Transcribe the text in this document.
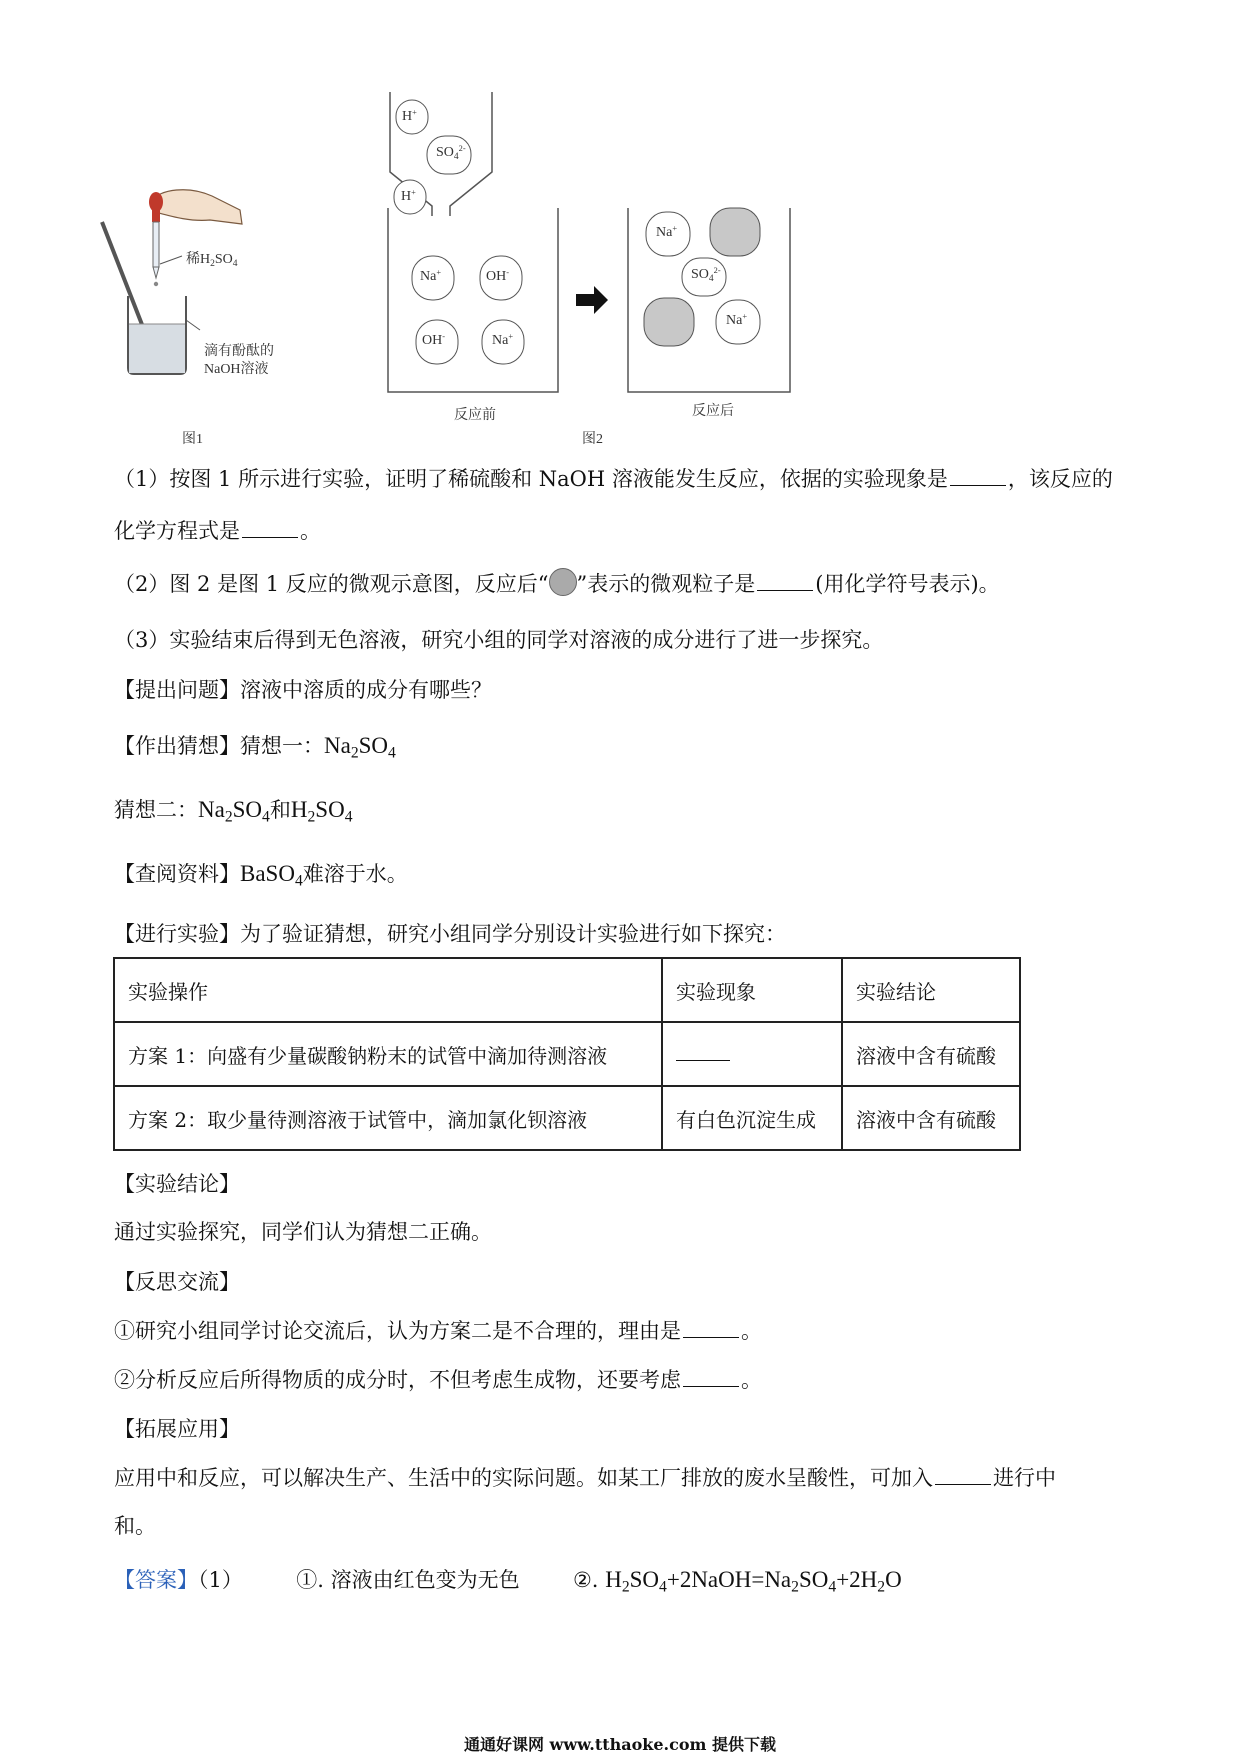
稀$H_2SO_4$
滴有酚酞的
NaOH溶液
图1
H+
$SO_4^{2-}$
H+
Na+	OH-
OH-	Na+
Na+
$SO_4^{2-}$
Na+
反应前	反应后
图2
（1）按图 1 所示进行实验，证明了稀硫酸和 NaOH 溶液能发生反应，依据的实验现象是	，该反应的
化学方程式是	。
（2）图 2 是图 1 反应的微观示意图，反应后“ ”表示的微观粒子是	(用化学符号表示)。
（3）实验结束后得到无色溶液，研究小组的同学对溶液的成分进行了进一步探究。
【提出问题】溶液中溶质的成分有哪些？
【作出猜想】猜想一：$Na_2SO_4$
猜想二：$Na_2SO_4$和$H_2SO_4$
【查阅资料】BaSO$_4$难溶于水。
【进行实验】为了验证猜想，研究小组同学分别设计实验进行如下探究：
实验操作	实验现象	实验结论
方案 1：向盛有少量碳酸钠粉末的试管中滴加待测溶液		溶液中含有硫酸
方案 2：取少量待测溶液于试管中，滴加氯化钡溶液	有白色沉淀生成	溶液中含有硫酸
【实验结论】
通过实验探究，同学们认为猜想二正确。
【反思交流】
①研究小组同学讨论交流后，认为方案二是不合理的，理由是	。
②分析反应后所得物质的成分时，不但考虑生成物，还要考虑	。
【拓展应用】
应用中和反应，可以解决生产、生活中的实际问题。如某工厂排放的废水呈酸性，可加入	进行中
和。
【答案】（1）	①. 溶液由红色变为无色	②. $H_2SO_4+2NaOH=Na_2SO_4+2H_2O$
通通好课网 www.tthaoke.com 提供下载
